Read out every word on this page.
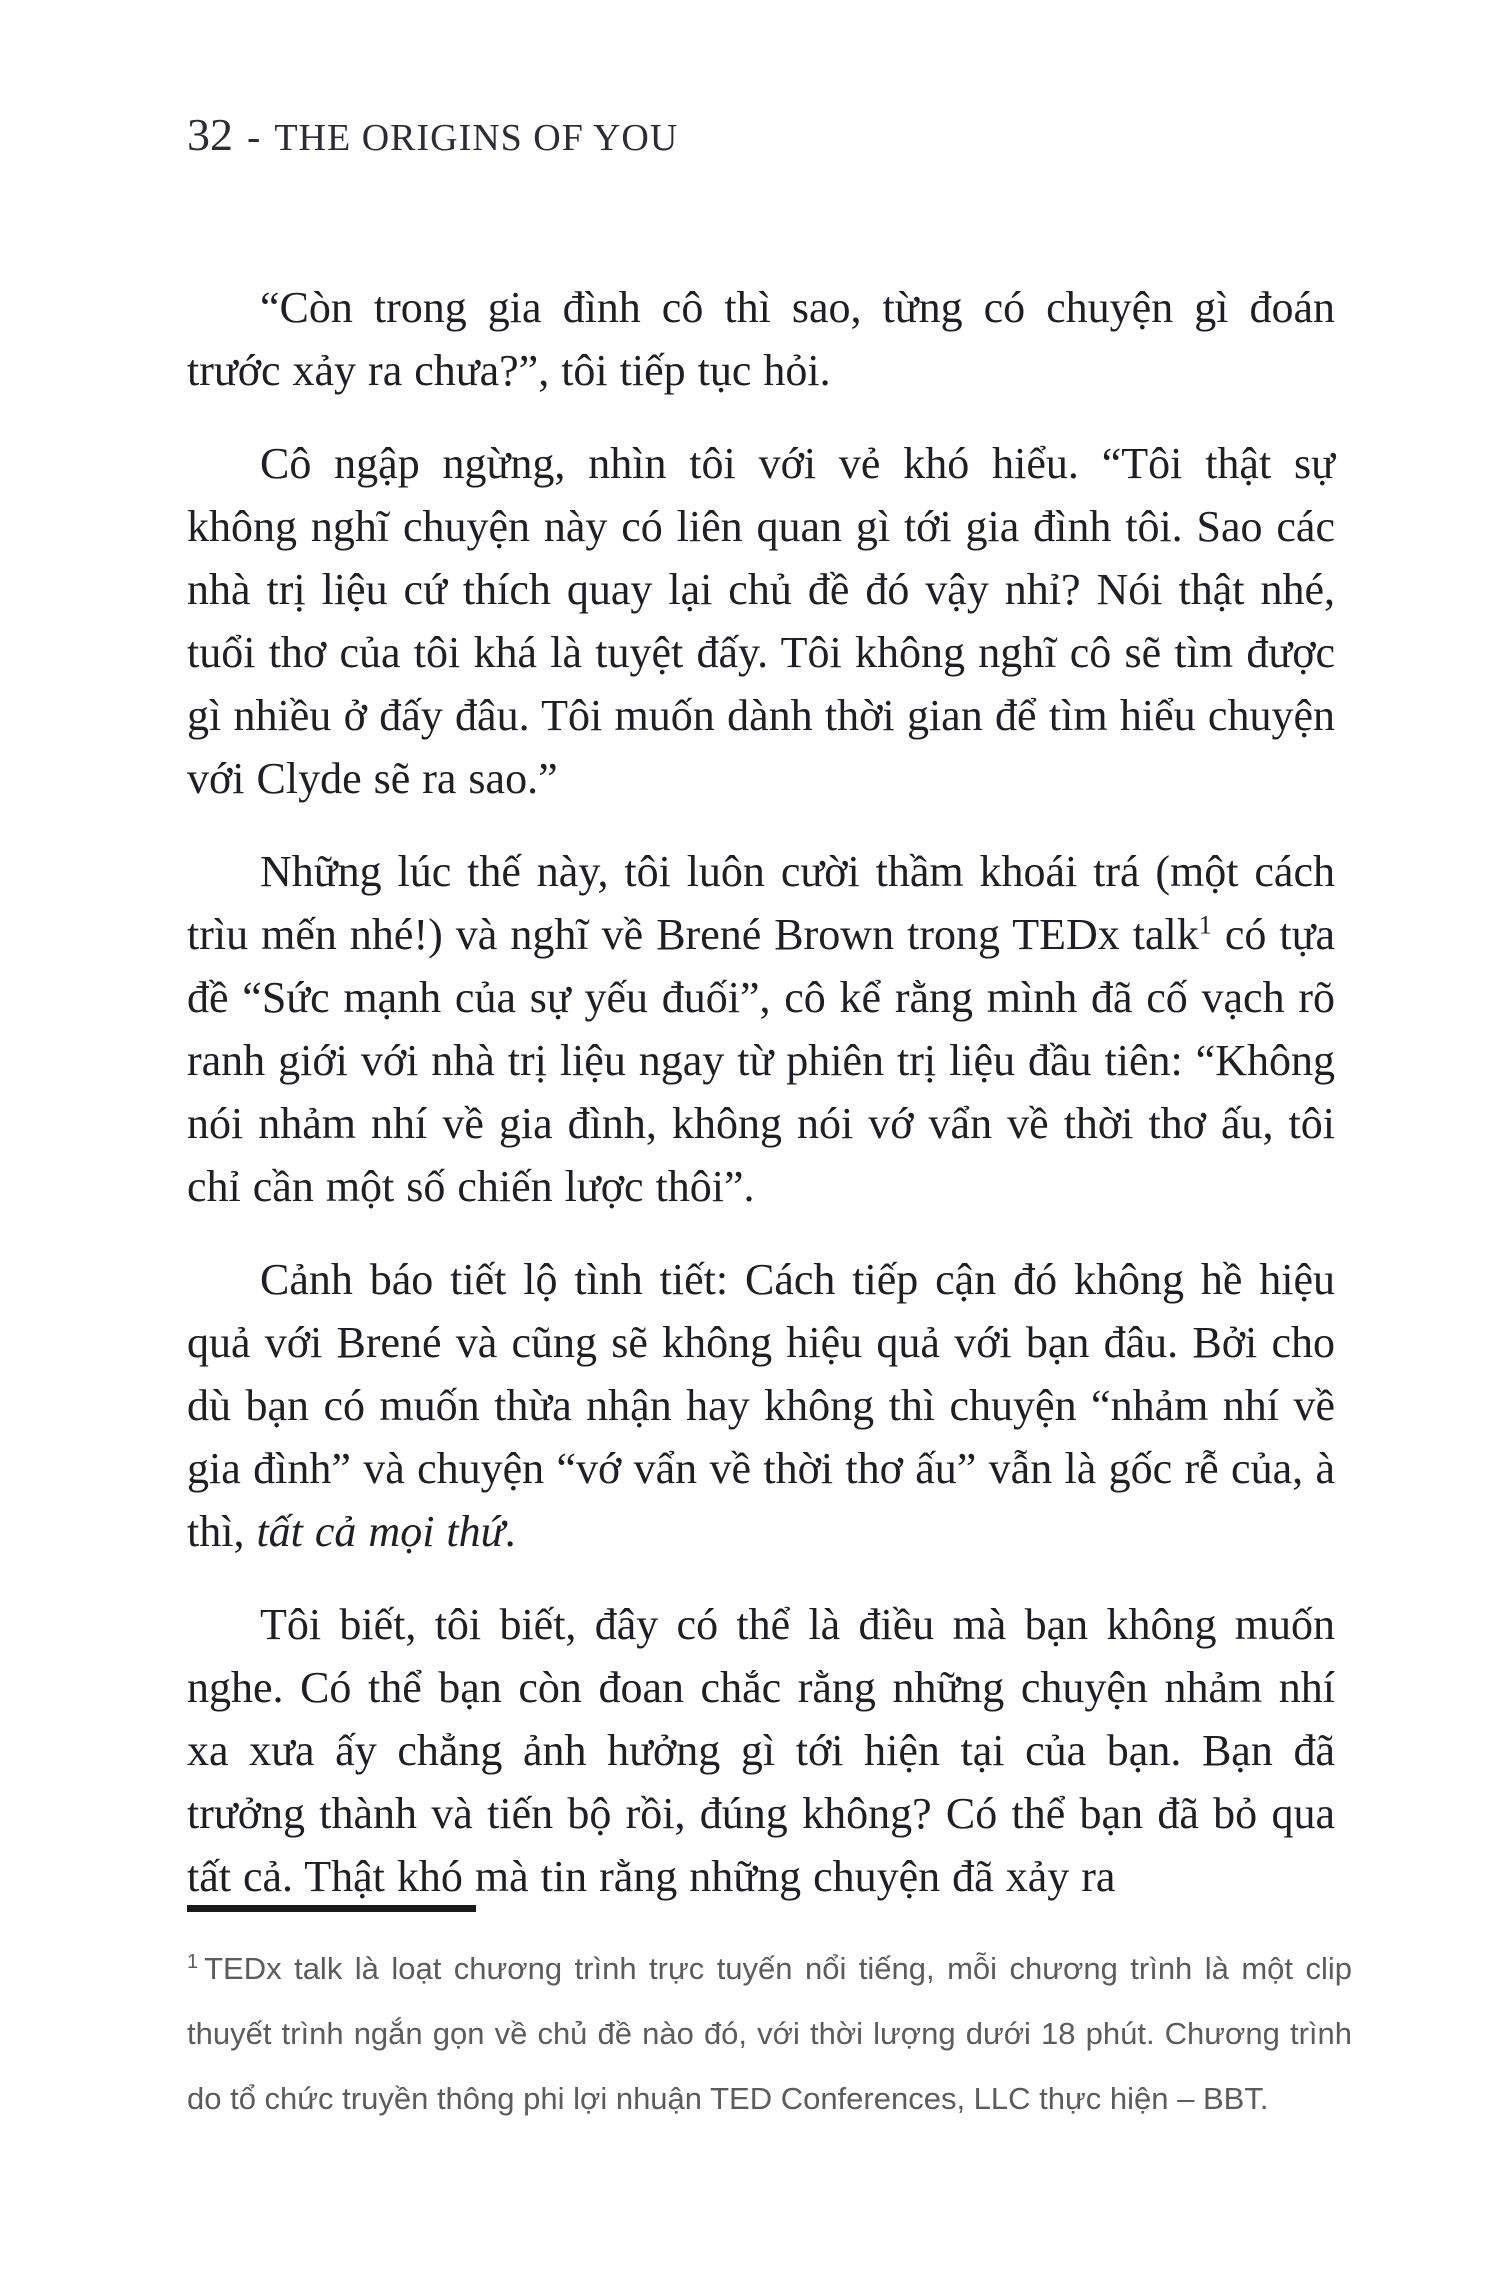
32 - THE ORIGINS OF YOU

“Còn trong gia đình cô thì sao, từng có chuyện gì đoán trước xảy ra chưa?”, tôi tiếp tục hỏi.

Cô ngập ngừng, nhìn tôi với vẻ khó hiểu. “Tôi thật sự không nghĩ chuyện này có liên quan gì tới gia đình tôi. Sao các nhà trị liệu cứ thích quay lại chủ đề đó vậy nhỉ? Nói thật nhé, tuổi thơ của tôi khá là tuyệt đấy. Tôi không nghĩ cô sẽ tìm được gì nhiều ở đấy đâu. Tôi muốn dành thời gian để tìm hiểu chuyện với Clyde sẽ ra sao.”

Những lúc thế này, tôi luôn cười thầm khoái trá (một cách trìu mến nhé!) và nghĩ về Brené Brown trong TEDx talk$^1$ có tựa đề “Sức mạnh của sự yếu đuối”, cô kể rằng mình đã cố vạch rõ ranh giới với nhà trị liệu ngay từ phiên trị liệu đầu tiên: “Không nói nhảm nhí về gia đình, không nói vớ vẩn về thời thơ ấu, tôi chỉ cần một số chiến lược thôi”.

Cảnh báo tiết lộ tình tiết: Cách tiếp cận đó không hề hiệu quả với Brené và cũng sẽ không hiệu quả với bạn đâu. Bởi cho dù bạn có muốn thừa nhận hay không thì chuyện “nhảm nhí về gia đình” và chuyện “vớ vẩn về thời thơ ấu” vẫn là gốc rễ của, à thì, tất cả mọi thứ.

Tôi biết, tôi biết, đây có thể là điều mà bạn không muốn nghe. Có thể bạn còn đoan chắc rằng những chuyện nhảm nhí xa xưa ấy chẳng ảnh hưởng gì tới hiện tại của bạn. Bạn đã trưởng thành và tiến bộ rồi, đúng không? Có thể bạn đã bỏ qua tất cả. Thật khó mà tin rằng những chuyện đã xảy ra

$^1$ TEDx talk là loạt chương trình trực tuyến nổi tiếng, mỗi chương trình là một clip thuyết trình ngắn gọn về chủ đề nào đó, với thời lượng dưới 18 phút. Chương trình do tổ chức truyền thông phi lợi nhuận TED Conferences, LLC thực hiện – BBT.
